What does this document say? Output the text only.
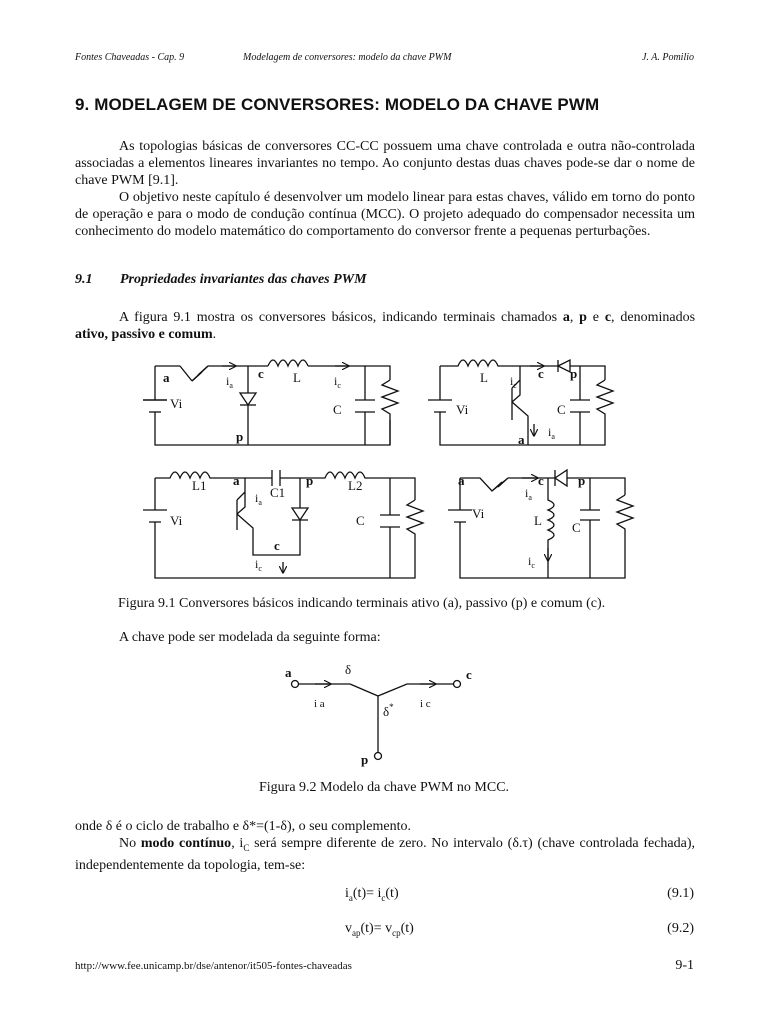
Fontes Chaveadas - Cap. 9	Modelagem de conversores: modelo da chave PWM	J. A. Pomilio
9. MODELAGEM DE CONVERSORES: MODELO DA CHAVE PWM
As topologias básicas de conversores CC-CC possuem uma chave controlada e outra não-controlada associadas a elementos lineares invariantes no tempo. Ao conjunto destas duas chaves pode-se dar o nome de chave PWM [9.1].
O objetivo neste capítulo é desenvolver um modelo linear para estas chaves, válido em torno do ponto de operação e para o modo de condução contínua (MCC). O projeto adequado do compensador necessita um conhecimento do modelo matemático do comportamento do conversor frente a pequenas perturbações.
9.1 Propriedades invariantes das chaves PWM
A figura 9.1 mostra os conversores básicos, indicando terminais chamados a, p e c, denominados ativo, passivo e comum.
a	c
p
L
C
Vi
$i_a$	$i_c$
L	c p
a
C
Vi
$i_c$
$i_a$
L1 a
C1
p	L2
C
Vi
c
$i_a$
$i_c$
a	c	p
Vi	L C
$i_a$
$i_c$
Figura 9.1 Conversores básicos indicando terminais ativo (a), passivo (p) e comum (c).
A chave pode ser modelada da seguinte forma:
a	c
p
δ
δ*
i a	i c
Figura 9.2 Modelo da chave PWM no MCC.
onde δ é o ciclo de trabalho e δ*=(1-δ), o seu complemento.
No modo contínuo, $i_C$ será sempre diferente de zero. No intervalo (δ.τ) (chave controlada fechada), independentemente da topologia, tem-se:
$i_a(t)= i_c(t)$	(9.1)
$v_{ap}(t)= v_{cp}(t)$	(9.2)
http://www.fee.unicamp.br/dse/antenor/it505-fontes-chaveadas	9-1
